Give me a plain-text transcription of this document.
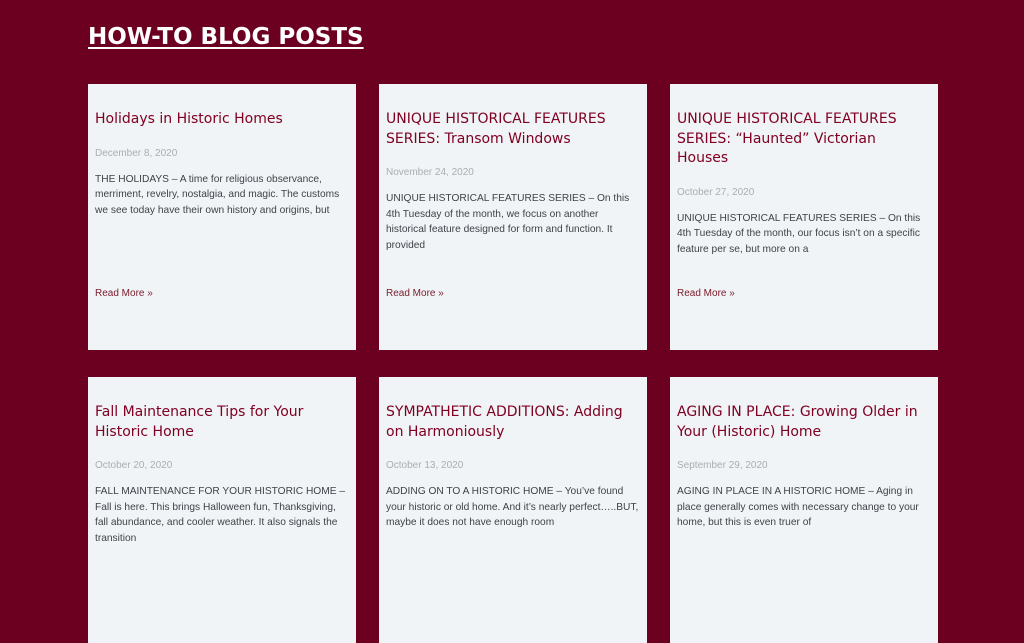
HOW-TO BLOG POSTS
Holidays in Historic Homes
December 8, 2020
THE HOLIDAYS – A time for religious observance, merriment, revelry, nostalgia, and magic. The customs we see today have their own history and origins, but
Read More »
UNIQUE HISTORICAL FEATURES SERIES: Transom Windows
November 24, 2020
UNIQUE HISTORICAL FEATURES SERIES – On this 4th Tuesday of the month, we focus on another historical feature designed for form and function. It provided
Read More »
UNIQUE HISTORICAL FEATURES SERIES: “Haunted” Victorian Houses
October 27, 2020
UNIQUE HISTORICAL FEATURES SERIES – On this 4th Tuesday of the month, our focus isn’t on a specific feature per se, but more on a
Read More »
Fall Maintenance Tips for Your Historic Home
October 20, 2020
FALL MAINTENANCE FOR YOUR HISTORIC HOME – Fall is here. This brings Halloween fun, Thanksgiving, fall abundance, and cooler weather. It also signals the transition
SYMPATHETIC ADDITIONS: Adding on Harmoniously
October 13, 2020
ADDING ON TO A HISTORIC HOME – You’ve found your historic or old home. And it’s nearly perfect…..BUT, maybe it does not have enough room
AGING IN PLACE: Growing Older in Your (Historic) Home
September 29, 2020
AGING IN PLACE IN A HISTORIC HOME – Aging in place generally comes with necessary change to your home, but this is even truer of
